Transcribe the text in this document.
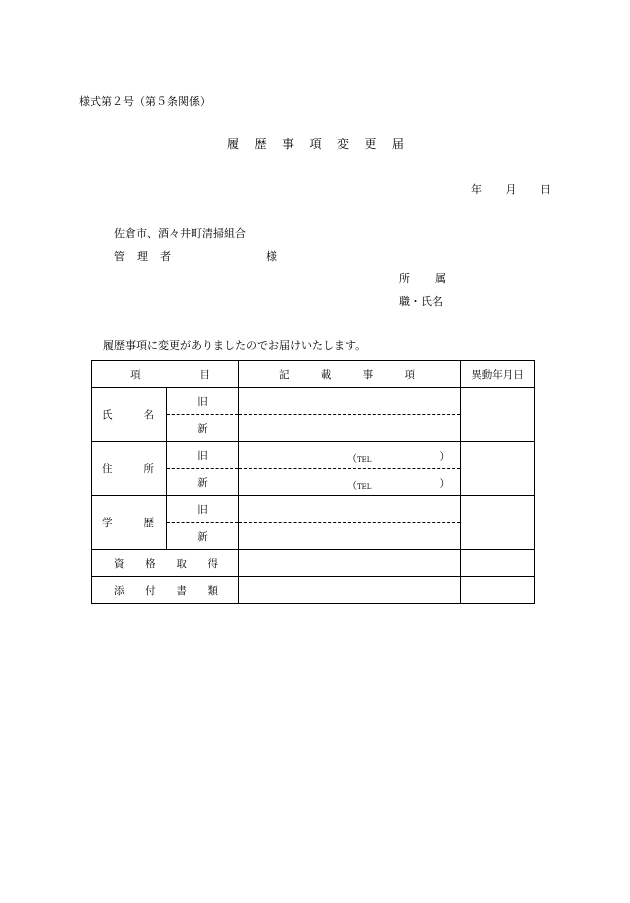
様式第２号（第５条関係）
履 歴 事 項 変 更 届
年 月 日
佐倉市、酒々井町清掃組合
管 理 者	様
所 属
職・氏名
履歴事項に変更がありましたのでお届けいたします。
項 目		記 載 事 項	異動年月日

氏 名	旧		
	新		

住 所	旧	（TEL ）	

	新	（TEL ）	

学 歴	旧		
	新		

資 格 取 得			

添 付 書 類			
